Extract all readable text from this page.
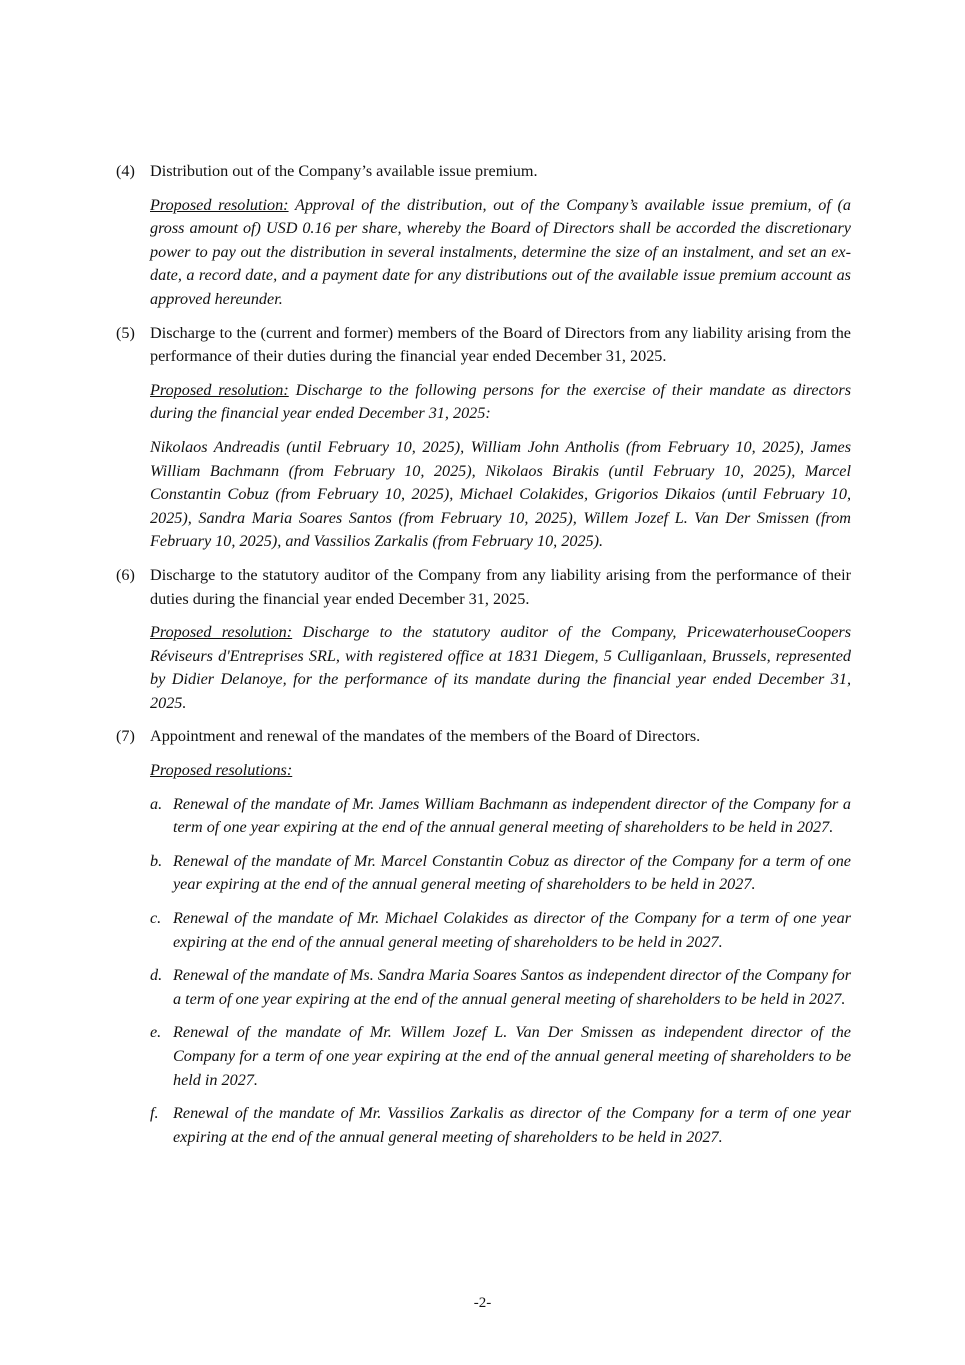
(4) Distribution out of the Company’s available issue premium.

Proposed resolution: Approval of the distribution, out of the Company’s available issue premium, of (a gross amount of) USD 0.16 per share, whereby the Board of Directors shall be accorded the discretionary power to pay out the distribution in several instalments, determine the size of an instalment, and set an ex-date, a record date, and a payment date for any distributions out of the available issue premium account as approved hereunder.

(5) Discharge to the (current and former) members of the Board of Directors from any liability arising from the performance of their duties during the financial year ended December 31, 2025.

Proposed resolution: Discharge to the following persons for the exercise of their mandate as directors during the financial year ended December 31, 2025:

Nikolaos Andreadis (until February 10, 2025), William John Antholis (from February 10, 2025), James William Bachmann (from February 10, 2025), Nikolaos Birakis (until February 10, 2025), Marcel Constantin Cobuz (from February 10, 2025), Michael Colakides, Grigorios Dikaios (until February 10, 2025), Sandra Maria Soares Santos (from February 10, 2025), Willem Jozef L. Van Der Smissen (from February 10, 2025), and Vassilios Zarkalis (from February 10, 2025).

(6) Discharge to the statutory auditor of the Company from any liability arising from the performance of their duties during the financial year ended December 31, 2025.

Proposed resolution: Discharge to the statutory auditor of the Company, PricewaterhouseCoopers Réviseurs d'Entreprises SRL, with registered office at 1831 Diegem, 5 Culliganlaan, Brussels, represented by Didier Delanoye, for the performance of its mandate during the financial year ended December 31, 2025.

(7) Appointment and renewal of the mandates of the members of the Board of Directors.

Proposed resolutions:

a. Renewal of the mandate of Mr. James William Bachmann as independent director of the Company for a term of one year expiring at the end of the annual general meeting of shareholders to be held in 2027.
b. Renewal of the mandate of Mr. Marcel Constantin Cobuz as director of the Company for a term of one year expiring at the end of the annual general meeting of shareholders to be held in 2027.
c. Renewal of the mandate of Mr. Michael Colakides as director of the Company for a term of one year expiring at the end of the annual general meeting of shareholders to be held in 2027.
d. Renewal of the mandate of Ms. Sandra Maria Soares Santos as independent director of the Company for a term of one year expiring at the end of the annual general meeting of shareholders to be held in 2027.
e. Renewal of the mandate of Mr. Willem Jozef L. Van Der Smissen as independent director of the Company for a term of one year expiring at the end of the annual general meeting of shareholders to be held in 2027.
f. Renewal of the mandate of Mr. Vassilios Zarkalis as director of the Company for a term of one year expiring at the end of the annual general meeting of shareholders to be held in 2027.
-2-
